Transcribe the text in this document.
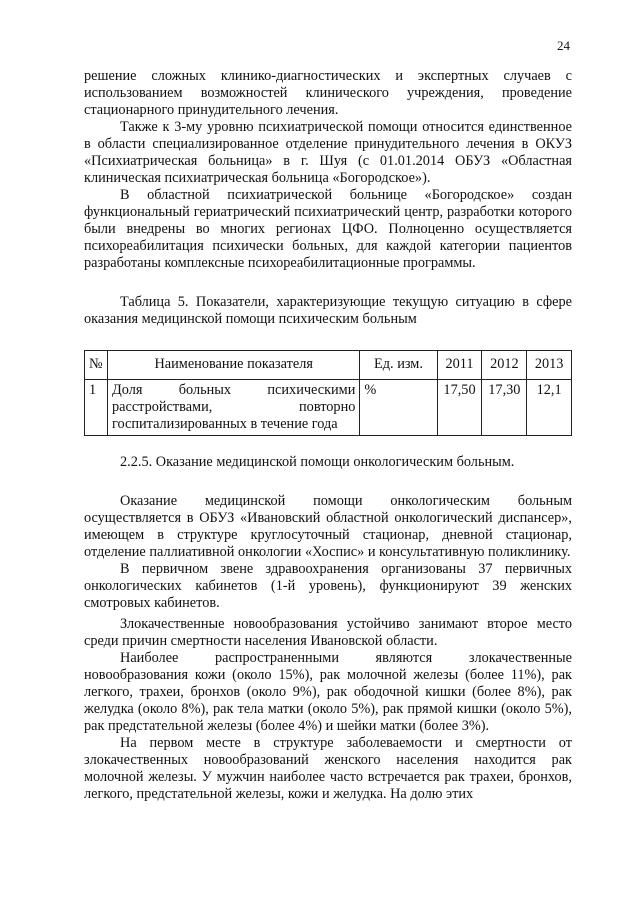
24

решение сложных клинико-диагностических и экспертных случаев с использованием возможностей клинического учреждения, проведение стационарного принудительного лечения.

Также к 3-му уровню психиатрической помощи относится единственное в области специализированное отделение принудительного лечения в ОКУЗ «Психиатрическая больница» в г. Шуя (с 01.01.2014 ОБУЗ «Областная клиническая психиатрическая больница «Богородское»).

В областной психиатрической больнице «Богородское» создан функциональный гериатрический психиатрический центр, разработки которого были внедрены во многих регионах ЦФО. Полноценно осуществляется психореабилитация психически больных, для каждой категории пациентов разработаны комплексные психореабилитационные программы.

Таблица 5. Показатели, характеризующие текущую ситуацию в сфере оказания медицинской помощи психическим больным

№	Наименование показателя	Ед. изм.	2011	2012	2013
1	Доля больных психическими расстройствами, повторно госпитализированных в течение года	%	17,50	17,30	12,1

2.2.5. Оказание медицинской помощи онкологическим больным.

Оказание медицинской помощи онкологическим больным осуществляется в ОБУЗ «Ивановский областной онкологический диспансер», имеющем в структуре круглосуточный стационар, дневной стационар, отделение паллиативной онкологии «Хоспис» и консультативную поликлинику.

В первичном звене здравоохранения организованы 37 первичных онкологических кабинетов (1-й уровень), функционируют 39 женских смотровых кабинетов.

Злокачественные новообразования устойчиво занимают второе место среди причин смертности населения Ивановской области.

Наиболее распространенными являются злокачественные новообразования кожи (около 15%), рак молочной железы (более 11%), рак легкого, трахеи, бронхов (около 9%), рак ободочной кишки (более 8%), рак желудка (около 8%), рак тела матки (около 5%), рак прямой кишки (около 5%), рак предстательной железы (более 4%) и шейки матки (более 3%).

На первом месте в структуре заболеваемости и смертности от злокачественных новообразований женского населения находится рак молочной железы. У мужчин наиболее часто встречается рак трахеи, бронхов, легкого, предстательной железы, кожи и желудка. На долю этих
